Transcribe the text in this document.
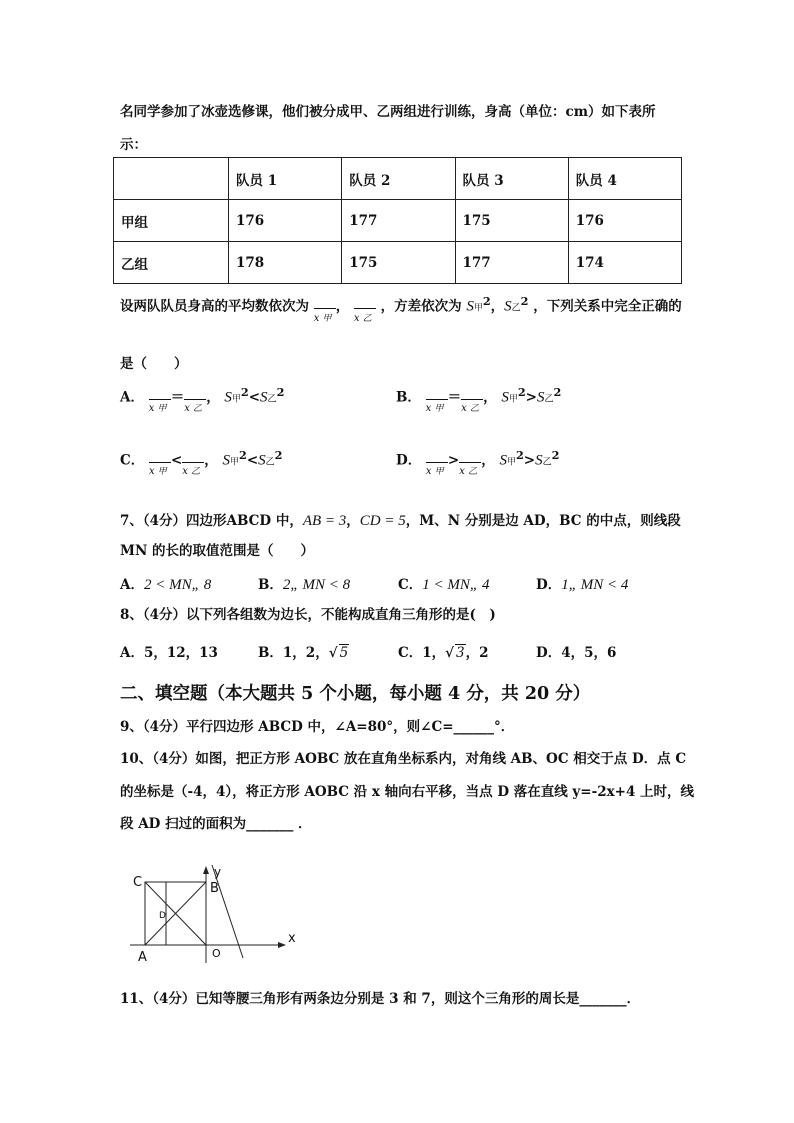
名同学参加了冰壶选修课，他们被分成甲、乙两组进行训练，身高（单位：cm）如下表所
示：
	队员 1	队员 2	队员 3	队员 4
甲组	176	177	175	176
乙组	178	175	177	174
设两队队员身高的平均数依次为
x 甲
，
x 乙
，方差依次为 S甲$^2$，S乙$^2$ ，下列关系中完全正确的
是（　　）
A．
x 甲
＝
x 乙
， S甲$^2$<S乙$^2$	B．
x 甲
＝
x 乙
， S甲$^2$>S乙$^2$
C．
x 甲
<
x 乙
， S甲$^2$<S乙$^2$	D．
x 甲
>
x 乙
， S甲$^2$>S乙$^2$
7、（4分）四边形ABCD 中，AB = 3，CD = 5，M、N 分别是边 AD，BC 的中点，则线段
MN 的长的取值范围是（　　）
A．2 < MN„ 8	B．2„ MN < 8	C．1 < MN„ 4	D．1„ MN < 4
8、（4分）以下列各组数为边长，不能构成直角三角形的是(　)
A．5，12，13	B．1，2，√ 5	C．1，√ 3，2	D．4，5，6
二、填空题（本大题共 5 个小题，每小题 4 分，共 20 分）
9、（4分）平行四边形 ABCD 中，∠A=80°，则∠C=______°．
10、（4分）如图，把正方形 AOBC 放在直角坐标系内，对角线 AB、OC 相交于点 D．点 C
的坐标是（-4，4），将正方形 AOBC 沿 x 轴向右平移，当点 D 落在直线 y=-2x+4 上时，线
段 AD 扫过的面积为_______ ．
C	B
y
D
A	O
x
11、（4分）已知等腰三角形有两条边分别是 3 和 7，则这个三角形的周长是_______．
